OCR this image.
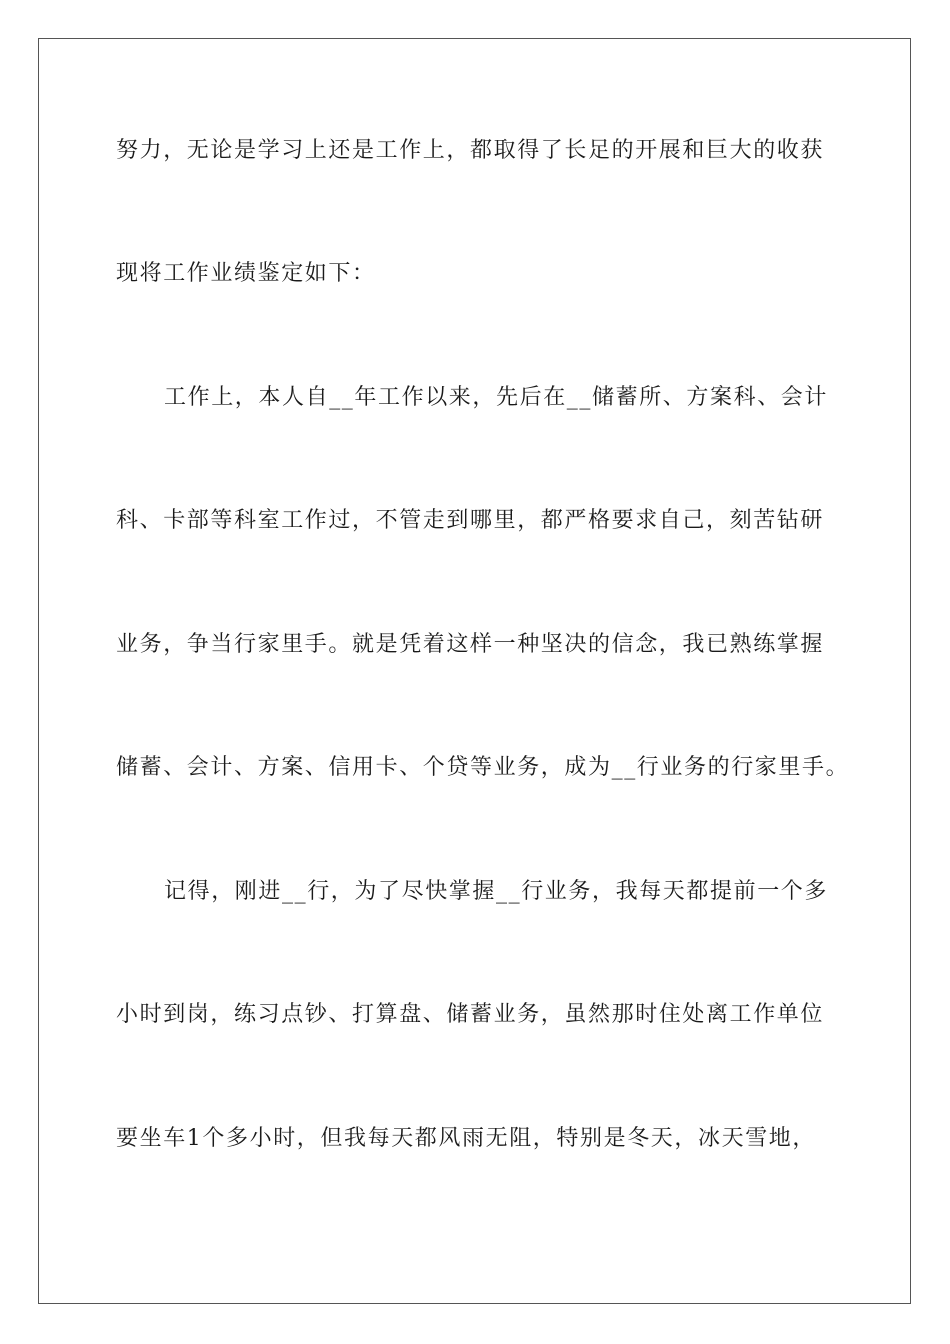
努力，无论是学习上还是工作上，都取得了长足的开展和巨大的收获
现将工作业绩鉴定如下：
工作上，本人自__年工作以来，先后在__储蓄所、方案科、会计
科、卡部等科室工作过，不管走到哪里，都严格要求自己，刻苦钻研
业务，争当行家里手。就是凭着这样一种坚决的信念，我已熟练掌握
储蓄、会计、方案、信用卡、个贷等业务，成为__行业务的行家里手。
记得，刚进__行，为了尽快掌握__行业务，我每天都提前一个多
小时到岗，练习点钞、打算盘、储蓄业务，虽然那时住处离工作单位
要坐车1个多小时，但我每天都风雨无阻，特别是冬天，冰天雪地，
